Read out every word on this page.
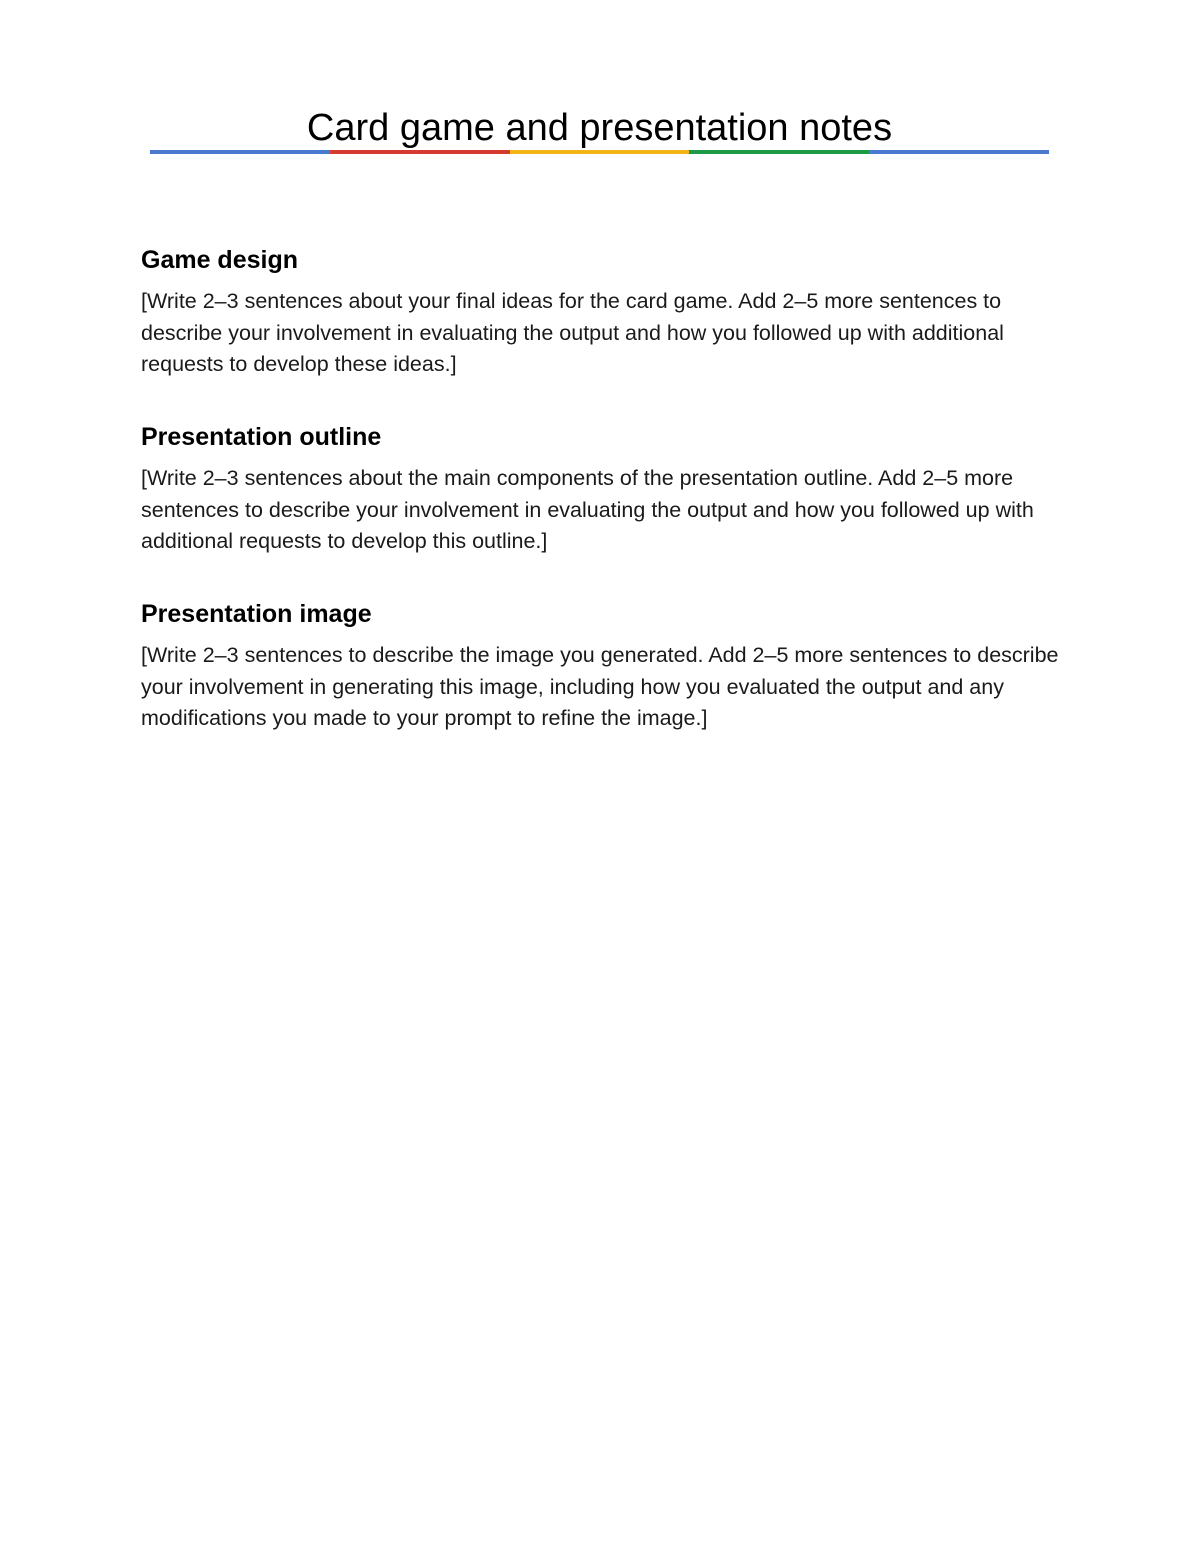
Card game and presentation notes
Game design

[Write 2–3 sentences about your final ideas for the card game. Add 2–5 more sentences to describe your involvement in evaluating the output and how you followed up with additional requests to develop these ideas.]

Presentation outline

[Write 2–3 sentences about the main components of the presentation outline. Add 2–5 more sentences to describe your involvement in evaluating the output and how you followed up with additional requests to develop this outline.]

Presentation image

[Write 2–3 sentences to describe the image you generated. Add 2–5 more sentences to describe your involvement in generating this image, including how you evaluated the output and any modifications you made to your prompt to refine the image.]
